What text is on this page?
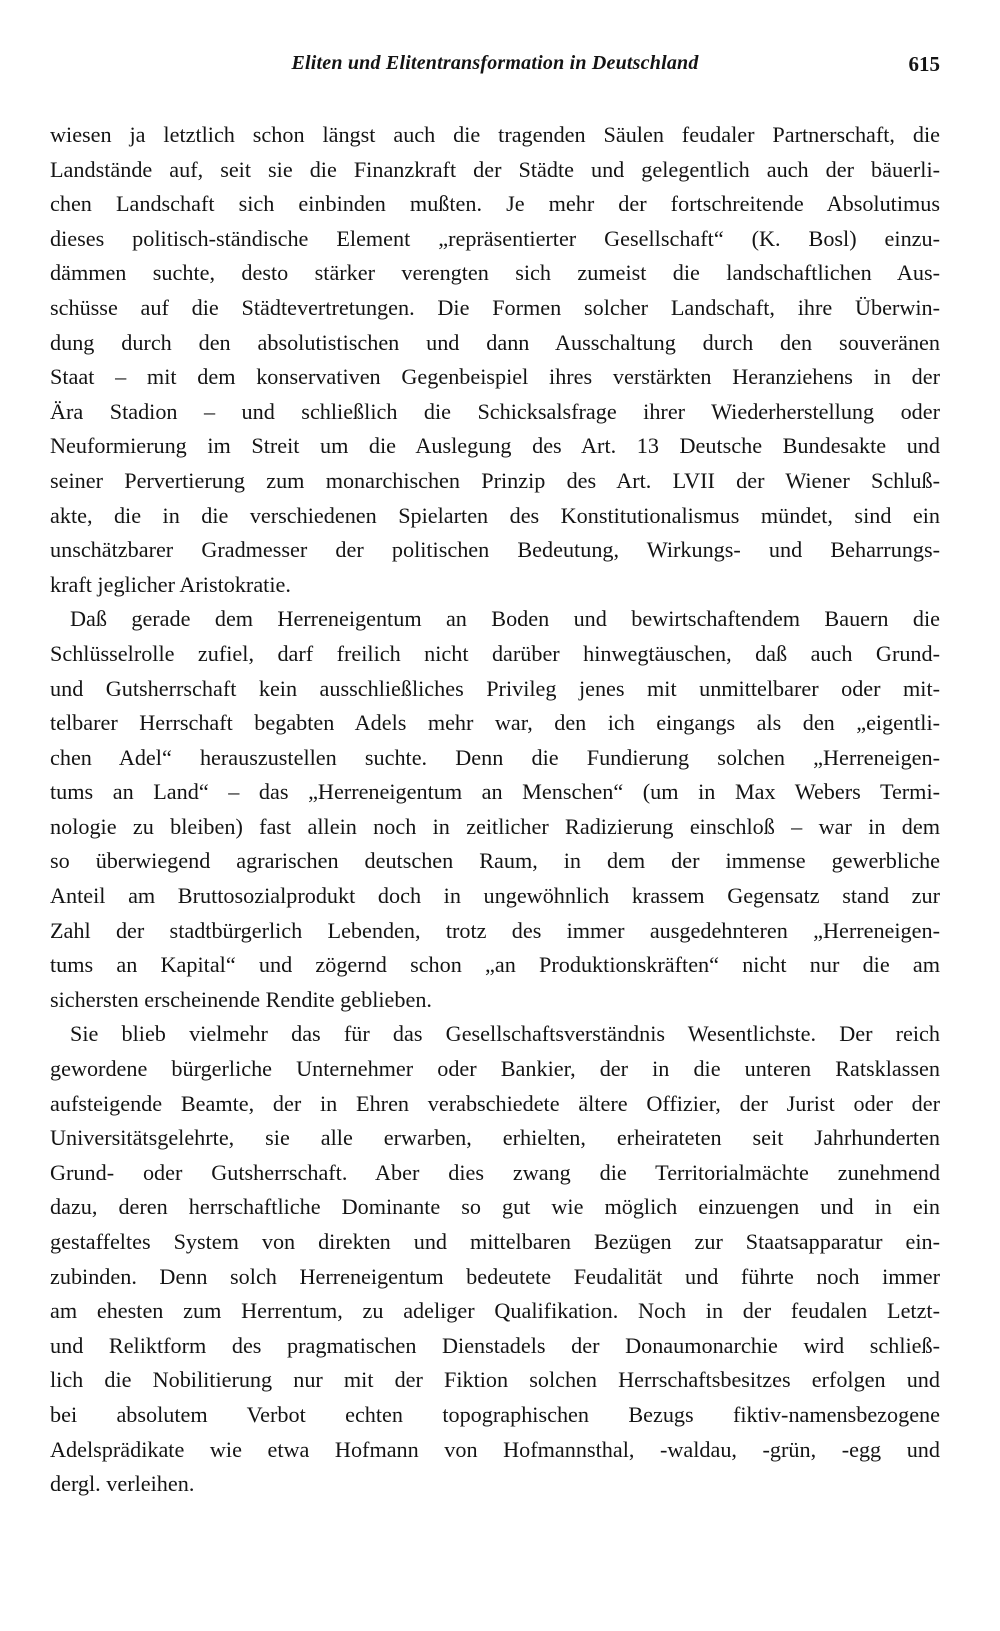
Eliten und Elitentransformation in Deutschland	615
wiesen ja letztlich schon längst auch die tragenden Säulen feudaler Partnerschaft, die
Landstände auf, seit sie die Finanzkraft der Städte und gelegentlich auch der bäuerli-
chen Landschaft sich einbinden mußten. Je mehr der fortschreitende Absolutimus
dieses politisch-ständische Element „repräsentierter Gesellschaft“ (K. Bosl) einzu-
dämmen suchte, desto stärker verengten sich zumeist die landschaftlichen Aus-
schüsse auf die Städtevertretungen. Die Formen solcher Landschaft, ihre Überwin-
dung durch den absolutistischen und dann Ausschaltung durch den souveränen
Staat – mit dem konservativen Gegenbeispiel ihres verstärkten Heranziehens in der
Ära Stadion – und schließlich die Schicksalsfrage ihrer Wiederherstellung oder
Neuformierung im Streit um die Auslegung des Art. 13 Deutsche Bundesakte und
seiner Pervertierung zum monarchischen Prinzip des Art. LVII der Wiener Schluß-
akte, die in die verschiedenen Spielarten des Konstitutionalismus mündet, sind ein
unschätzbarer Gradmesser der politischen Bedeutung, Wirkungs- und Beharrungs-
kraft jeglicher Aristokratie.
Daß gerade dem Herreneigentum an Boden und bewirtschaftendem Bauern die
Schlüsselrolle zufiel, darf freilich nicht darüber hinwegtäuschen, daß auch Grund-
und Gutsherrschaft kein ausschließliches Privileg jenes mit unmittelbarer oder mit-
telbarer Herrschaft begabten Adels mehr war, den ich eingangs als den „eigentli-
chen Adel“ herauszustellen suchte. Denn die Fundierung solchen „Herreneigen-
tums an Land“ – das „Herreneigentum an Menschen“ (um in Max Webers Termi-
nologie zu bleiben) fast allein noch in zeitlicher Radizierung einschloß – war in dem
so überwiegend agrarischen deutschen Raum, in dem der immense gewerbliche
Anteil am Bruttosozialprodukt doch in ungewöhnlich krassem Gegensatz stand zur
Zahl der stadtbürgerlich Lebenden, trotz des immer ausgedehnteren „Herreneigen-
tums an Kapital“ und zögernd schon „an Produktionskräften“ nicht nur die am
sichersten erscheinende Rendite geblieben.
Sie blieb vielmehr das für das Gesellschaftsverständnis Wesentlichste. Der reich
gewordene bürgerliche Unternehmer oder Bankier, der in die unteren Ratsklassen
aufsteigende Beamte, der in Ehren verabschiedete ältere Offizier, der Jurist oder der
Universitätsgelehrte, sie alle erwarben, erhielten, erheirateten seit Jahrhunderten
Grund- oder Gutsherrschaft. Aber dies zwang die Territorialmächte zunehmend
dazu, deren herrschaftliche Dominante so gut wie möglich einzuengen und in ein
gestaffeltes System von direkten und mittelbaren Bezügen zur Staatsapparatur ein-
zubinden. Denn solch Herreneigentum bedeutete Feudalität und führte noch immer
am ehesten zum Herrentum, zu adeliger Qualifikation. Noch in der feudalen Letzt-
und Reliktform des pragmatischen Dienstadels der Donaumonarchie wird schließ-
lich die Nobilitierung nur mit der Fiktion solchen Herrschaftsbesitzes erfolgen und
bei absolutem Verbot echten topographischen Bezugs fiktiv-namensbezogene
Adelsprädikate wie etwa Hofmann von Hofmannsthal, -waldau, -grün, -egg und
dergl. verleihen.
